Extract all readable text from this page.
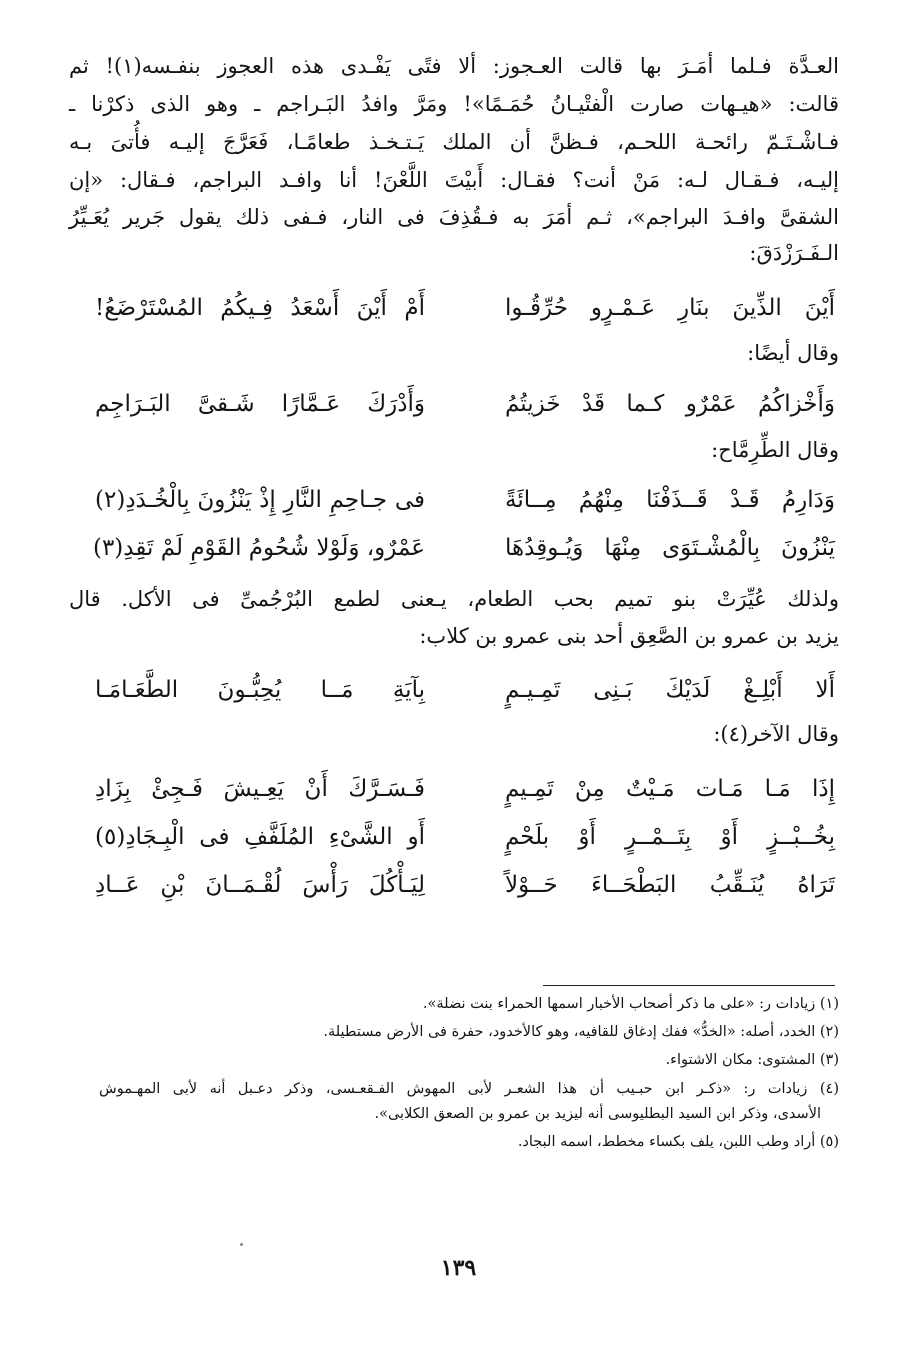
العـدَّة فـلما أمَـرَ بها قالت العـجوز: ألا فتًى يَفْـدى هذه العجوز بنفـسه(١)! ثم
قالت: «هيـهات صارت الْفتْيـانُ حُمَـمًا»! ومَرَّ وافدُ البَـراجم ـ وهو الذى ذكرْنا ـ
فـاشْـتَـمّ رائحـة اللحـم، فـظنَّ أن الملك يَـتـخـذ طعامًـا، فَعَرَّجَ إليـه فأُتىَ بـه
إليـه، فـقـال لـه: مَنْ أنت؟ فقـال: أَبيْتَ اللَّعْنَ! أنا وافـد البراجم، فـقال: «إن
الشقىَّ وافـدَ البراجم»، ثـم أمَرَ به فـقُذِفَ فى النار، فـفى ذلك يقول جَرير يُعَـيِّرُ
الـفَـرَزْدَقَ:
أَيْنَ الذِّينَ بنَارِ عَـمْـرٍو حُرِّقُـوا
أَمْ أَيْنَ أَسْعَدُ فِـيكُمُ المُسْتَرْضَعُ!
وقال أيضًا:
وَأَخْزاكُمُ عَمْرٌو كـما قَدْ خَزيتُمُ
وَأَدْرَكَ عَـمَّارًا شَـقىَّ البَـرَاجِم
وقال الطِّرِمَّاح:
وَدَارِمُ قَـدْ قَــذَفْنَا مِنْهُمُ مِــائَةً
فى جـاحِمِ النَّارِ إِذْ يَنْزُونَ بِالْخُـدَدِ(٢)
يَنْزُونَ بِالْمُشْـتَوَى مِنْهَا وَيُـوقِدُهَا
عَمْرٌو، وَلَوْلا شُحُومُ القَوْمِ لَمْ تَقِدِ(٣)
ولذلك عُيِّرَتْ بنو تميم بحب الطعام، يـعنى لطمع البُرْجُمىِّ فى الأكل. قال
يزيد بن عمرو بن الصَّعِق أحد بنى عمرو بن كلاب:
أَلا أَبْلِـغْ لَدَيْكَ بَـنِى تَمِـيـمٍ
بِآيَةِ مَــا يُحِبُّـونَ الطَّعَـامَـا
وقال الآخر(٤):
إِذَا مَـا مَـات مَـيْتٌ مِنْ تَمِـيمٍ
فَـسَـرَّكَ أَنْ يَعِـيشَ فَـجِئْ بِزَادِ
بِخُــبْــزٍ أَوْ بِتَــمْــرٍ أَوْ بلَحْمٍ
أَو الشَّىْءِ المُلَفَّفِ فى الْبِـجَادِ(٥)
تَرَاهُ يُنَـقِّبُ البَطْحَــاءَ حَــوْلاً
لِيَـأْكُلَ رَأْسَ لُقْـمَــانَ بْنِ عَــادِ
(١) زيادات ر: «على ما ذكر أصحاب الأخبار اسمها الحمراء بنت نضلة».
(٢) الخدد، أصله: «الخدُّ» ففك إدغاق للقافيه، وهو كالأخدود، حفرة فى الأرض مستطيلة.
(٣) المشتوى: مكان الاشتواء.
(٤) زيادات ر: «ذكـر ابن حبـيب أن هذا الشعـر لأبى المهوش الفـقعـسى، وذكر دعـبل أنه لأبى المهـموش
الأسدى، وذكر ابن السيد البطليوسى أنه ليزيد بن عمرو بن الصعق الكلابى».
(٥) أراد وطب اللبن، يلف بكساء مخطط، اسمه البجاد.
١٣٩
